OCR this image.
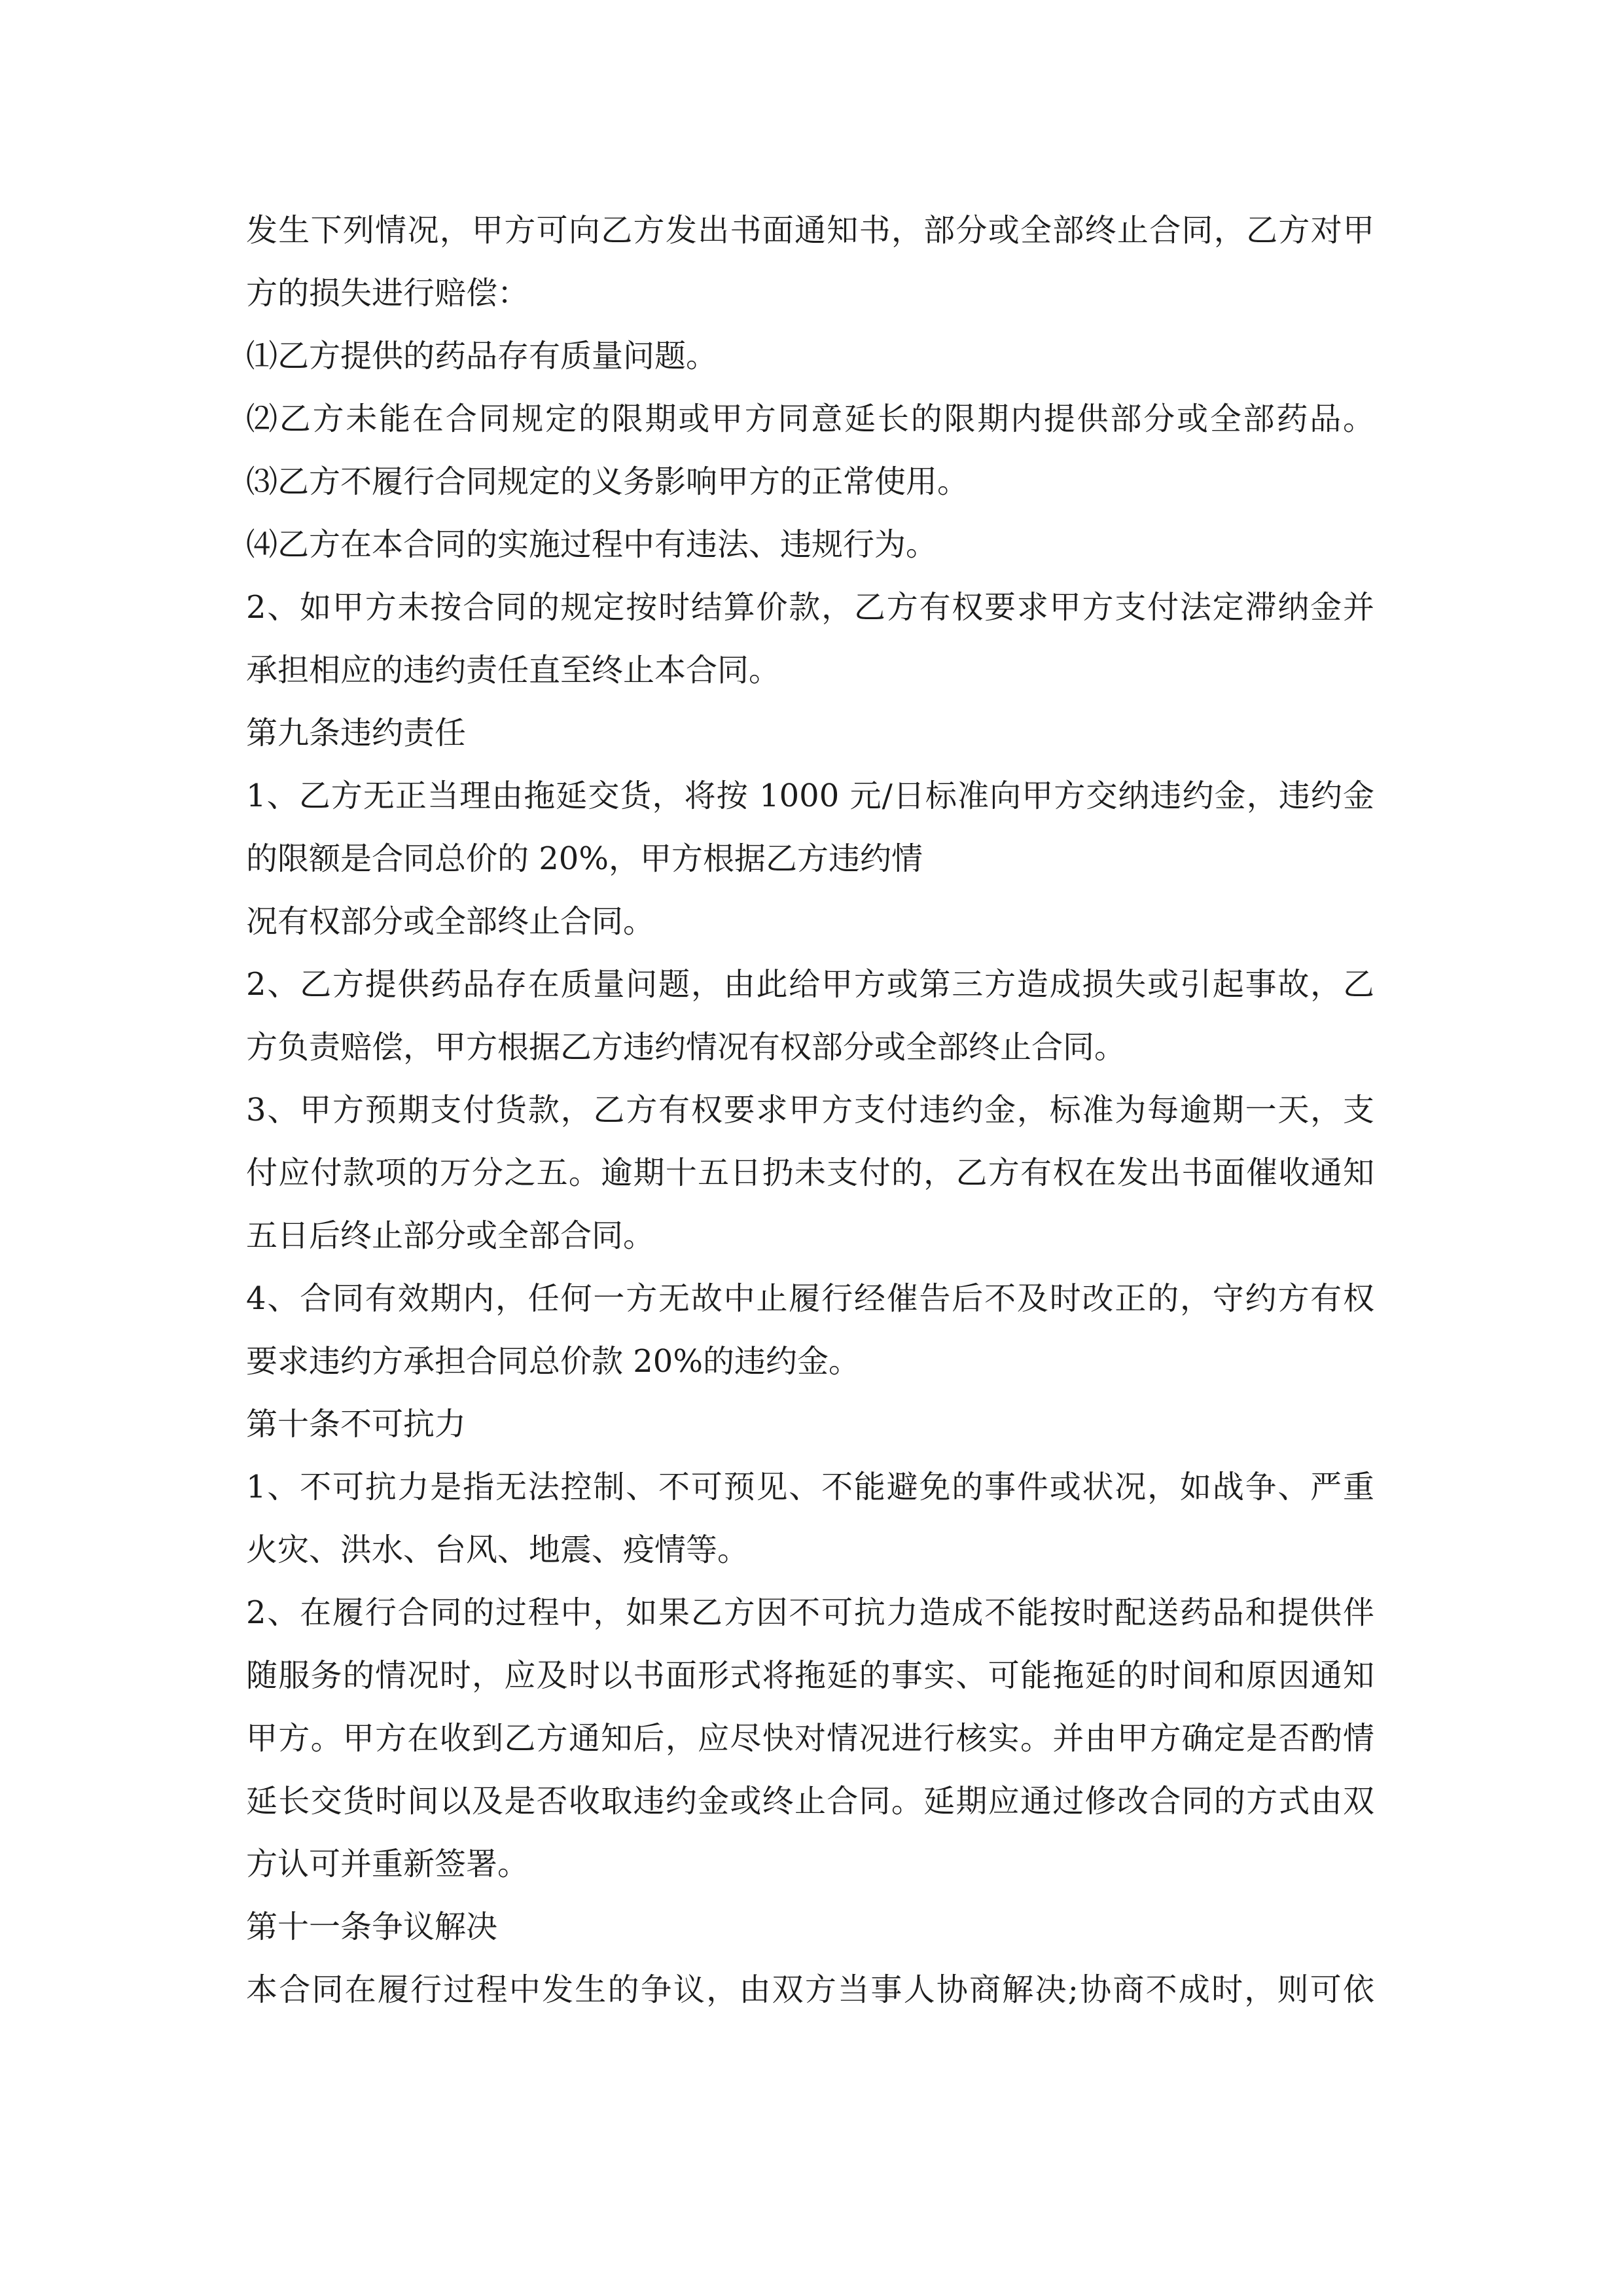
发生下列情况，甲方可向乙方发出书面通知书，部分或全部终止合同，乙方对甲
方的损失进行赔偿：
⑴乙方提供的药品存有质量问题。
⑵乙方未能在合同规定的限期或甲方同意延长的限期内提供部分或全部药品。
⑶乙方不履行合同规定的义务影响甲方的正常使用。
⑷乙方在本合同的实施过程中有违法、违规行为。
2、如甲方未按合同的规定按时结算价款，乙方有权要求甲方支付法定滞纳金并
承担相应的违约责任直至终止本合同。
第九条违约责任
1、乙方无正当理由拖延交货，将按 1000 元/日标准向甲方交纳违约金，违约金
的限额是合同总价的 20%，甲方根据乙方违约情
况有权部分或全部终止合同。
2、乙方提供药品存在质量问题，由此给甲方或第三方造成损失或引起事故，乙
方负责赔偿，甲方根据乙方违约情况有权部分或全部终止合同。
3、甲方预期支付货款，乙方有权要求甲方支付违约金，标准为每逾期一天，支
付应付款项的万分之五。逾期十五日扔未支付的，乙方有权在发出书面催收通知
五日后终止部分或全部合同。
4、合同有效期内，任何一方无故中止履行经催告后不及时改正的，守约方有权
要求违约方承担合同总价款 20%的违约金。
第十条不可抗力
1、不可抗力是指无法控制、不可预见、不能避免的事件或状况，如战争、严重
火灾、洪水、台风、地震、疫情等。
2、在履行合同的过程中，如果乙方因不可抗力造成不能按时配送药品和提供伴
随服务的情况时，应及时以书面形式将拖延的事实、可能拖延的时间和原因通知
甲方。甲方在收到乙方通知后，应尽快对情况进行核实。并由甲方确定是否酌情
延长交货时间以及是否收取违约金或终止合同。延期应通过修改合同的方式由双
方认可并重新签署。
第十一条争议解决
本合同在履行过程中发生的争议，由双方当事人协商解决;协商不成时，则可依
